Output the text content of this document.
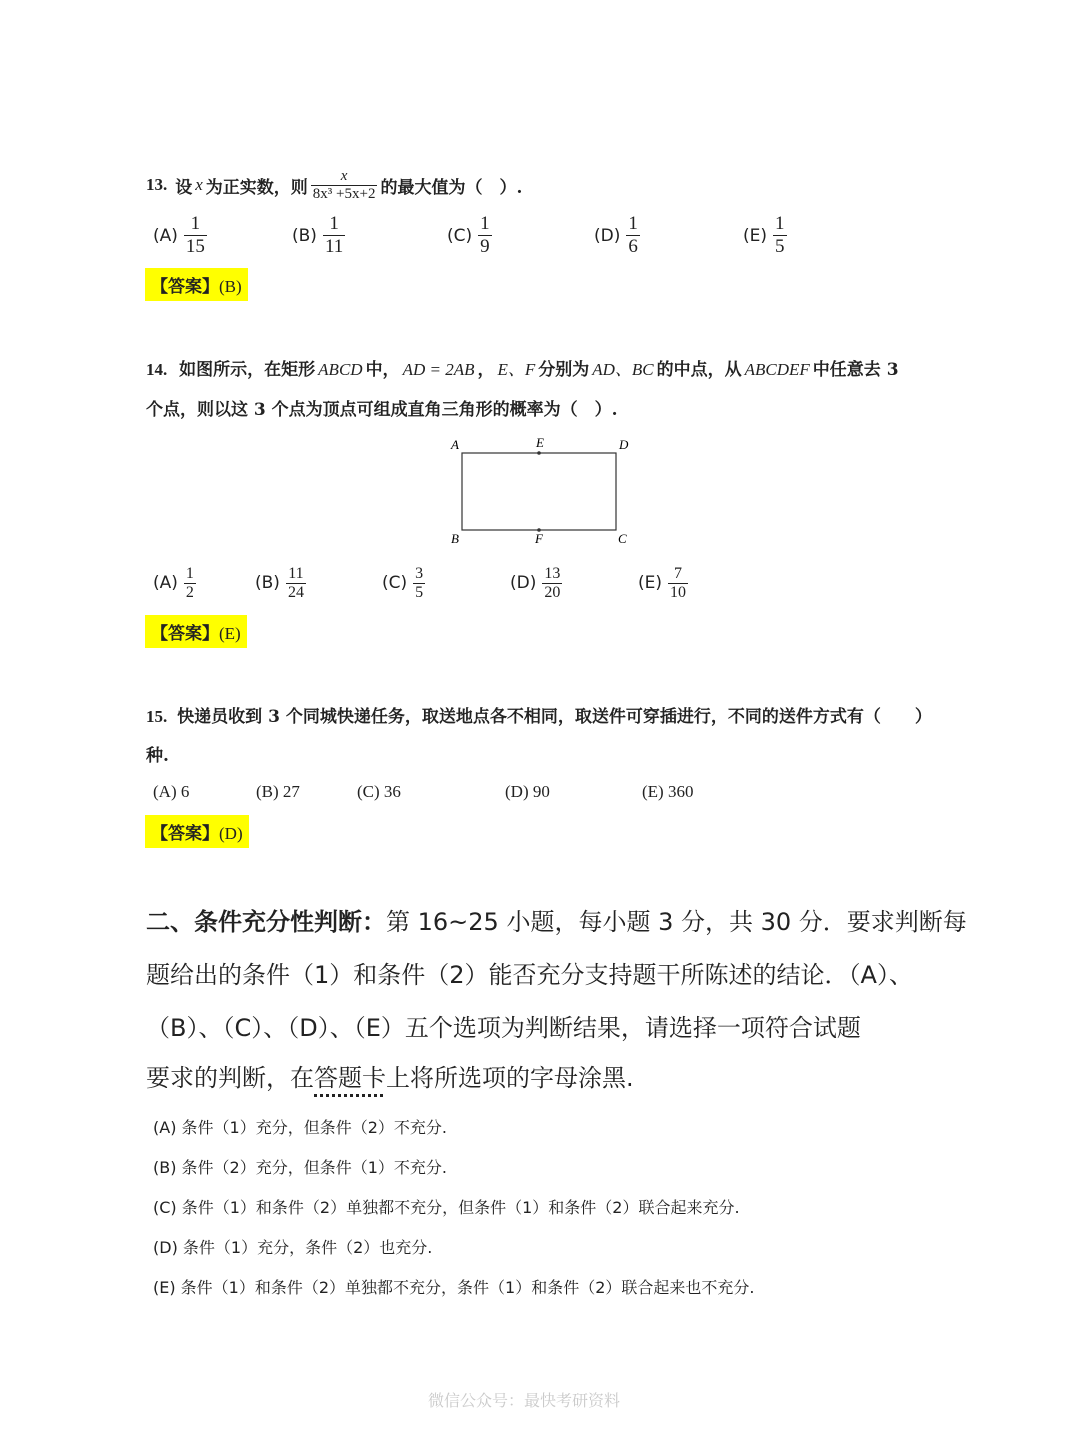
13. 设 x 为正实数，则 $\frac{x}{\text{8x³ +5x+2}}$ 的最大值为（　）.
$(A) \frac{1}{15}$	$(B) \frac{1}{11}$	$(C) \frac{1}{9}$	$(D) \frac{1}{6}$	$(E) \frac{1}{5}$
【答案】(B)
14. 如图所示，在矩形 ABCD 中， AD = 2AB ， E、F 分别为 AD、BC 的中点，从 ABCDEF 中任意去 3
个点，则以这 3 个点为顶点可组成直角三角形的概率为（　）.
A	E	D
B	F	C
$(A) \frac{1}{2}$	$(B) \frac{11}{24}$	$(C) \frac{3}{5}$	$(D) \frac{13}{20}$	$(E) \frac{7}{10}$
【答案】(E)
15. 快递员收到 3 个同城快递任务，取送地点各不相同，取送件可穿插进行，不同的送件方式有（　　）
种.
(A) 6	(B) 27	(C) 36	(D) 90	(E) 360
【答案】(D)
二、条件充分性判断：第 16~25 小题，每小题 3 分，共 30 分．要求判断每
题给出的条件（1）和条件（2）能否充分支持题干所陈述的结论．（A）、
（B）、（C）、（D）、（E）五个选项为判断结果，请选择一项符合试题
要求的判断，在答题卡上将所选项的字母涂黑.
(A) 条件（1）充分，但条件（2）不充分.
(B) 条件（2）充分，但条件（1）不充分.
(C) 条件（1）和条件（2）单独都不充分，但条件（1）和条件（2）联合起来充分.
(D) 条件（1）充分，条件（2）也充分.
(E) 条件（1）和条件（2）单独都不充分，条件（1）和条件（2）联合起来也不充分.
微信公众号：最快考研资料
